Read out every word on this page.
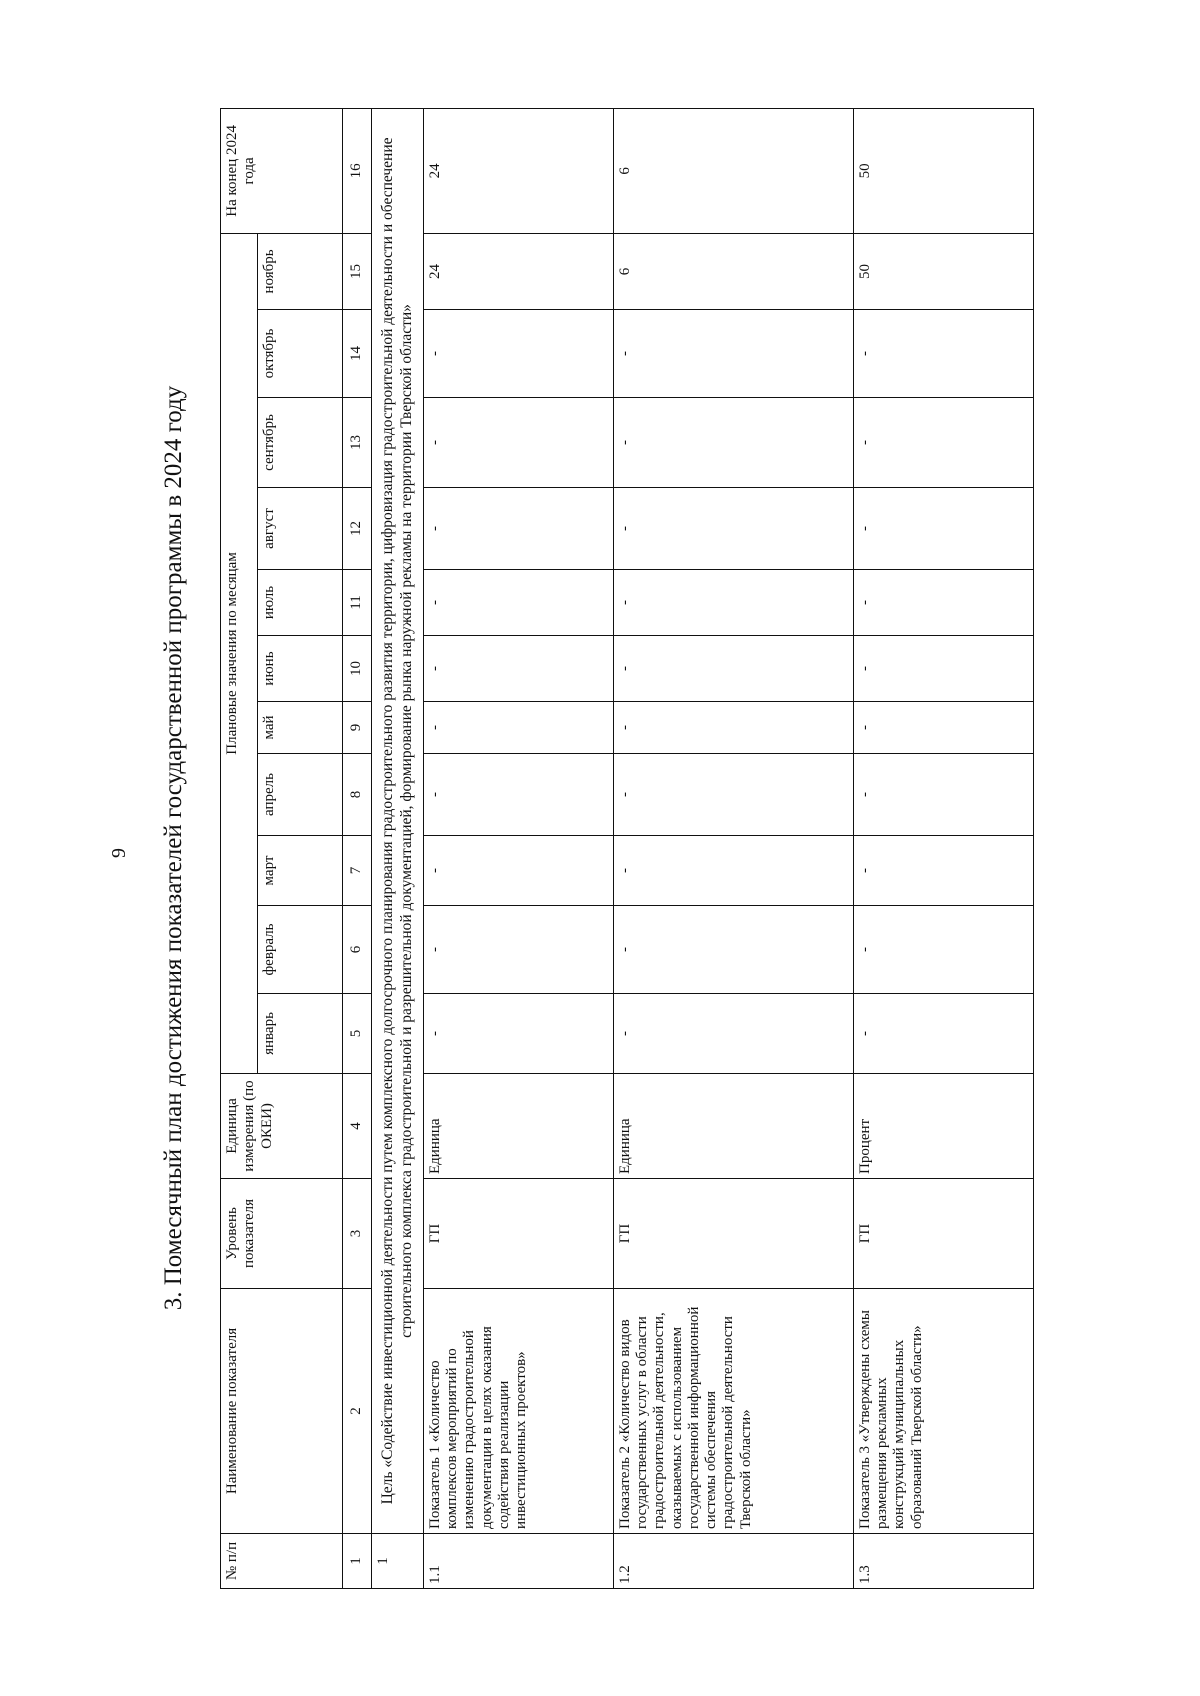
9 3. Помесячный план достижения показателей государственной программы в 2024 году
№ п/п	Наименование показателя	Уровень показателя	Единица измерения (по ОКЕИ)	Плановые значения по месяцам											На конец 2024 года
				январь	февраль	март	апрель	май	июнь	июль	август	сентябрь	октябрь	ноябрь	
1	2	3	4	5	6	7	8	9	10	11	12	13	14	15	16
1	Цель «Содействие инвестиционной деятельности путем комплексного долгосрочного планирования градостроительного развития территории, цифровизация градостроительной деятельности и обеспечение строительного комплекса градостроительной и разрешительной документацией, формирование рынка наружной рекламы на территории Тверской области»														
1.1	Показатель 1 «Количество комплексов мероприятий по изменению градостроительной документации в целях оказания содействия реализации инвестиционных проектов»	ГП	Единица	-	-	-	-	-	-	-	-	-	-	24	24
1.2	Показатель 2 «Количество видов государственных услуг в области градостроительной деятельности, оказываемых с использованием государственной информационной системы обеспечения градостроительной деятельности Тверской области»	ГП	Единица	-	-	-	-	-	-	-	-	-	-	6	6
1.3	Показатель 3 «Утверждены схемы размещения рекламных конструкций муниципальных образований Тверской области»	ГП	Процент	-	-	-	-	-	-	-	-	-	-	50	50
